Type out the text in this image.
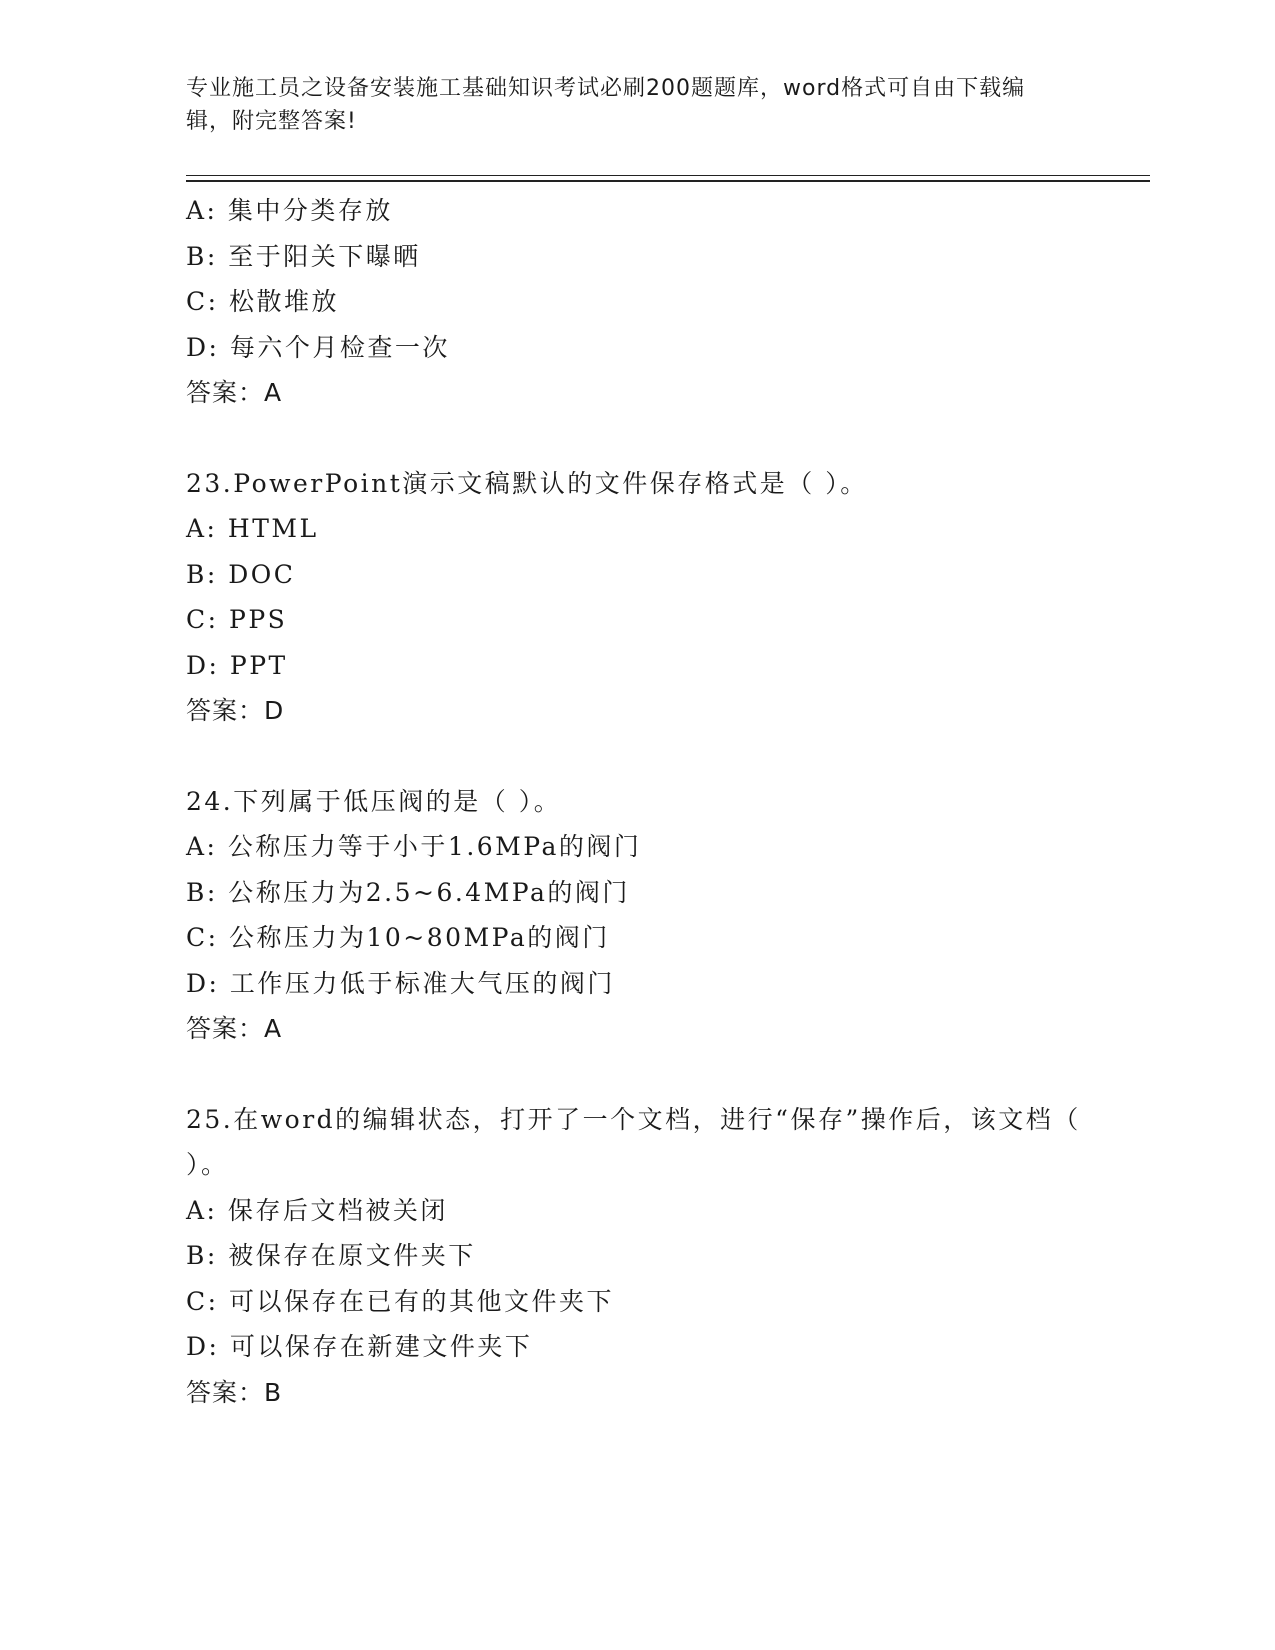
专业施工员之设备安装施工基础知识考试必刷200题题库，word格式可自由下载编辑，附完整答案!
A: 集中分类存放
B: 至于阳关下曝晒
C: 松散堆放
D: 每六个月检查一次
答案：A
23.PowerPoint演示文稿默认的文件保存格式是（ ）。
A: HTML
B: DOC
C: PPS
D: PPT
答案：D
24.下列属于低压阀的是（ ）。
A: 公称压力等于小于1.6MPa的阀门
B: 公称压力为2.5~6.4MPa的阀门
C: 公称压力为10~80MPa的阀门
D: 工作压力低于标准大气压的阀门
答案：A
25.在word的编辑状态，打开了一个文档，进行“保存”操作后，该文档（ ）。
A: 保存后文档被关闭
B: 被保存在原文件夹下
C: 可以保存在已有的其他文件夹下
D: 可以保存在新建文件夹下
答案：B
